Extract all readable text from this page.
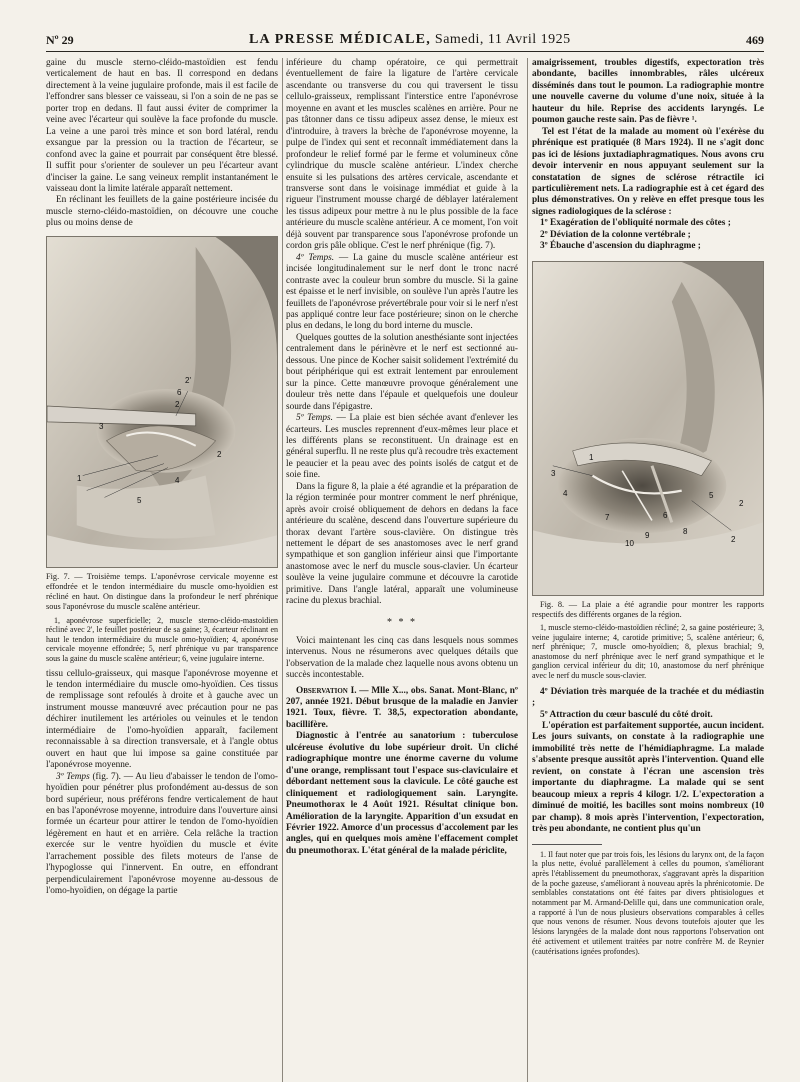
Nº 29	LA PRESSE MÉDICALE, Samedi, 11 Avril 1925	469

gaine du muscle sterno-cléido-mastoïdien est fendu verticalement de haut en bas. Il correspond en dedans directement à la veine jugulaire profonde, mais il est facile de l'effondrer sans blesser ce vaisseau, si l'on a soin de ne pas se porter trop en dedans. Il faut aussi éviter de comprimer la veine avec l'écarteur qui soulève la face profonde du muscle. La veine a une paroi très mince et son bord latéral, rendu exsangue par la pression ou la traction de l'écarteur, se confond avec la gaine et pourrait par conséquent être blessé. Il suffit pour s'orienter de soulever un peu l'écarteur avant d'inciser la gaine. Le sang veineux remplit instantanément le vaisseau dont la limite latérale apparaît nettement.

En réclinant les feuillets de la gaine postérieure incisée du muscle sterno-cléido-mastoïdien, on découvre une couche plus ou moins dense de

2'
6
2
3
1	4
5
2

Fig. 7. — Troisième temps. L'aponévrose cervicale moyenne est effondrée et le tendon intermédiaire du muscle omo-hyoïdien est récliné en haut. On distingue dans la profondeur le nerf phrénique sous l'aponévrose du muscle scalène antérieur.

1, aponévrose superficielle; 2, muscle sterno-cléido-mastoïdien récliné avec 2', le feuillet postérieur de sa gaine; 3, écarteur réclinant en haut le tendon intermédiaire du muscle omo-hyoïdien; 4, aponévrose cervicale moyenne effondrée; 5, nerf phrénique vu par transparence sous la gaine du muscle scalène antérieur; 6, veine jugulaire interne.

tissu cellulo-graisseux, qui masque l'aponévrose moyenne et le tendon intermédiaire du muscle omo-hyoïdien. Ces tissus de remplissage sont refoulés à droite et à gauche avec un instrument mousse manœuvré avec précaution pour ne pas déchirer inutilement les artérioles ou veinules et le tendon intermédiaire de l'omo-hyoïdien apparaît, facilement reconnaissable à sa direction transversale, et à l'angle obtus ouvert en haut que lui impose sa gaine constituée par l'aponévrose moyenne.

3º Temps (fig. 7). — Au lieu d'abaisser le tendon de l'omo-hyoïdien pour pénétrer plus profondément au-dessus de son bord supérieur, nous préférons fendre verticalement de haut en bas l'aponévrose moyenne, introduire dans l'ouverture ainsi formée un écarteur pour attirer le tendon de l'omo-hyoïdien légèrement en haut et en arrière. Cela relâche la traction exercée sur le ventre hyoïdien du muscle et évite l'arrachement possible des filets moteurs de l'anse de l'hypoglosse qui l'innervent. En outre, en effondrant perpendiculairement l'aponévrose moyenne au-dessous de l'omo-hyoïdien, on dégage la partie

inférieure du champ opératoire, ce qui permettrait éventuellement de faire la ligature de l'artère cervicale ascendante ou transverse du cou qui traversent le tissu cellulo-graisseux, remplissant l'interstice entre l'aponévrose moyenne en avant et les muscles scalènes en arrière. Pour ne pas tâtonner dans ce tissu adipeux assez dense, le mieux est d'introduire, à travers la brèche de l'aponévrose moyenne, la pulpe de l'index qui sent et reconnaît immédiatement dans la profondeur le relief formé par le ferme et volumineux cône cylindrique du muscle scalène antérieur. L'index cherche ensuite si les pulsations des artères cervicale, ascendante et transverse sont dans le voisinage immédiat et guide à la rigueur l'instrument mousse chargé de déblayer latéralement les tissus adipeux pour mettre à nu le plus possible de la face antérieure du muscle scalène antérieur. A ce moment, l'on voit déjà souvent par transparence sous l'aponévrose profonde un cordon gris pâle oblique. C'est le nerf phrénique (fig. 7).

4º Temps. — La gaine du muscle scalène antérieur est incisée longitudinalement sur le nerf dont le tronc nacré contraste avec la couleur brun sombre du muscle. Si la gaine est épaisse et le nerf invisible, on soulève l'un après l'autre les feuillets de l'aponévrose prévertébrale pour voir si le nerf n'est pas appliqué contre leur face postérieure; sinon on le cherche plus en dedans, le long du bord interne du muscle.

Quelques gouttes de la solution anesthésiante sont injectées centralement dans le périnèvre et le nerf est sectionné au-dessous. Une pince de Kocher saisit solidement l'extrémité du bout périphérique qui est extrait lentement par enroulement sur la pince. Cette manœuvre provoque généralement une douleur très nette dans l'épaule et quelquefois une douleur sourde dans l'épigastre.

5º Temps. — La plaie est bien séchée avant d'enlever les écarteurs. Les muscles reprennent d'eux-mêmes leur place et les différents plans se reconstituent. Un drainage est en général superflu. Il ne reste plus qu'à recoudre très exactement le peaucier et la peau avec des points isolés de catgut et de soie fine.

Dans la figure 8, la plaie a été agrandie et la préparation de la région terminée pour montrer comment le nerf phrénique, après avoir croisé obliquement de dehors en dedans la face antérieure du scalène, descend dans l'ouverture supérieure du thorax devant l'artère sous-clavière. On distingue très nettement le départ de ses anastomoses avec le nerf grand sympathique et son ganglion inférieur ainsi que l'importante anastomose avec le nerf du muscle sous-clavier. Un écarteur soulève la veine jugulaire commune et découvre la carotide primitive. Dans l'angle latéral, apparaît une volumineuse racine du plexus brachial.

* * *

Voici maintenant les cinq cas dans lesquels nous sommes intervenus. Nous ne résumerons avec quelques détails que l'observation de la malade chez laquelle nous avons obtenu un succès incontestable.

Observation I. — Mlle X..., obs. Sanat. Mont-Blanc, nº 207, année 1921. Début brusque de la maladie en Janvier 1921. Toux, fièvre. T. 38,5, expectoration abondante, bacillifère.

Diagnostic à l'entrée au sanatorium : tuberculose ulcéreuse évolutive du lobe supérieur droit. Un cliché radiographique montre une énorme caverne du volume d'une orange, remplissant tout l'espace sus-claviculaire et débordant nettement sous la clavicule. Le côté gauche est cliniquement et radiologiquement sain. Laryngite. Pneumothorax le 4 Août 1921. Résultat clinique bon. Amélioration de la laryngite. Apparition d'un exsudat en Février 1922. Amorce d'un processus d'accolement par les angles, qui en quelques mois amène l'effacement complet du pneumothorax. L'état général de la malade périclite,

amaigrissement, troubles digestifs, expectoration très abondante, bacilles innombrables, râles ulcéreux disséminés dans tout le poumon. La radiographie montre une nouvelle caverne du volume d'une noix, située à la hauteur du hile. Reprise des accidents laryngés. Le poumon gauche reste sain. Pas de fièvre ¹.

Tel est l'état de la malade au moment où l'exérèse du phrénique est pratiquée (8 Mars 1924). Il ne s'agit donc pas ici de lésions juxtadiaphragmatiques. Nous avons cru devoir intervenir en nous appuyant seulement sur la constatation de signes de sclérose rétractile ici particulièrement nets. La radiographie est à cet égard des plus démonstratives. On y relève en effet presque tous les signes radiologiques de la sclérose :

1º Exagération de l'obliquité normale des côtes ;

2º Déviation de la colonne vertébrale ;

3º Ébauche d'ascension du diaphragme ;

1
2
3
4	5
6
7
8
9
10
2

Fig. 8. — La plaie a été agrandie pour montrer les rapports respectifs des différents organes de la région.

1, muscle sterno-cléido-mastoïdien récliné; 2, sa gaine postérieure; 3, veine jugulaire interne; 4, carotide primitive; 5, scalène antérieur; 6, nerf phrénique; 7, muscle omo-hyoïdien; 8, plexus brachial; 9, anastomose du nerf phrénique avec le nerf grand sympathique et le ganglion cervical inférieur du dit; 10, anastomose du nerf phrénique avec le nerf du muscle sous-clavier.

4º Déviation très marquée de la trachée et du médiastin ;

5º Attraction du cœur basculé du côté droit.

L'opération est parfaitement supportée, aucun incident. Les jours suivants, on constate à la radiographie une immobilité très nette de l'hémidiaphragme. La malade s'absente presque aussitôt après l'intervention. Quand elle revient, on constate à l'écran une ascension très importante du diaphragme. La malade qui se sent beaucoup mieux a repris 4 kilogr. 1/2. L'expectoration a diminué de moitié, les bacilles sont moins nombreux (10 par champ). 8 mois après l'intervention, l'expectoration, très peu abondante, ne contient plus qu'un

1. Il faut noter que par trois fois, les lésions du larynx ont, de la façon la plus nette, évolué parallèlement à celles du poumon, s'améliorant après l'établissement du pneumothorax, s'aggravant après la disparition de la poche gazeuse, s'améliorant à nouveau après la phrénicotomie. De semblables constatations ont été faites par divers phtisiologues et notamment par M. Armand-Delille qui, dans une communication orale, a rapporté à l'un de nous plusieurs observations comparables à celles que nous venons de résumer. Nous devons toutefois ajouter que les lésions laryngées de la malade dont nous rapportons l'observation ont été activement et utilement traitées par notre confrère M. de Reynier (cautérisations ignées profondes).
